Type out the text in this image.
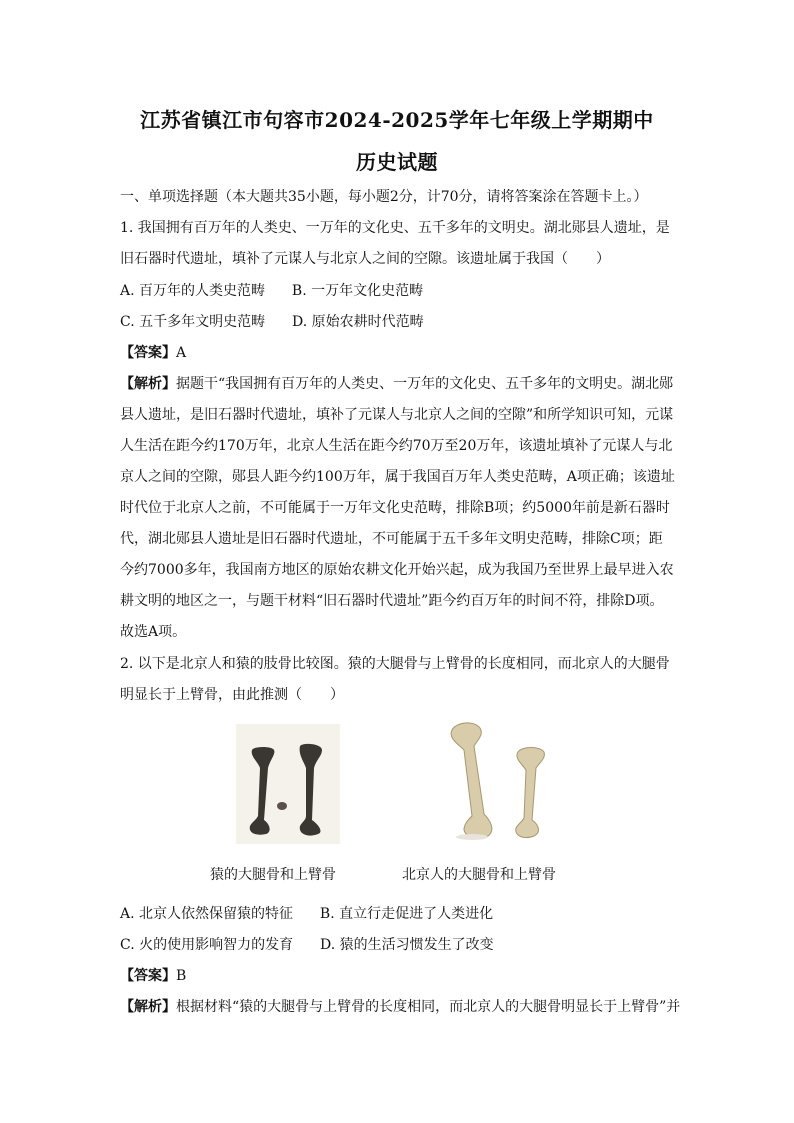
江苏省镇江市句容市2024-2025学年七年级上学期期中
历史试题
一、单项选择题（本大题共35小题，每小题2分，计70分，请将答案涂在答题卡上。）
1. 我国拥有百万年的人类史、一万年的文化史、五千多年的文明史。湖北郧县人遗址，是
旧石器时代遗址，填补了元谋人与北京人之间的空隙。该遗址属于我国（　　）
A. 百万年的人类史范畴 B. 一万年文化史范畴
C. 五千多年文明史范畴 D. 原始农耕时代范畴
【答案】A
【解析】据题干“我国拥有百万年的人类史、一万年的文化史、五千多年的文明史。湖北郧
县人遗址，是旧石器时代遗址，填补了元谋人与北京人之间的空隙”和所学知识可知，元谋
人生活在距今约170万年，北京人生活在距今约70万至20万年，该遗址填补了元谋人与北
京人之间的空隙，郧县人距今约100万年，属于我国百万年人类史范畴，A项正确；该遗址
时代位于北京人之前，不可能属于一万年文化史范畴，排除B项；约5000年前是新石器时
代，湖北郧县人遗址是旧石器时代遗址，不可能属于五千多年文明史范畴，排除C项；距
今约7000多年，我国南方地区的原始农耕文化开始兴起，成为我国乃至世界上最早进入农
耕文明的地区之一，与题干材料“旧石器时代遗址”距今约百万年的时间不符，排除D项。
故选A项。
2. 以下是北京人和猿的肢骨比较图。猿的大腿骨与上臂骨的长度相同，而北京人的大腿骨
明显长于上臂骨，由此推测（　　）
猿的大腿骨和上臂骨	北京人的大腿骨和上臂骨
A. 北京人依然保留猿的特征 B. 直立行走促进了人类进化
C. 火的使用影响智力的发育 D. 猿的生活习惯发生了改变
【答案】B
【解析】根据材料“猿的大腿骨与上臂骨的长度相同，而北京人的大腿骨明显长于上臂骨”并
